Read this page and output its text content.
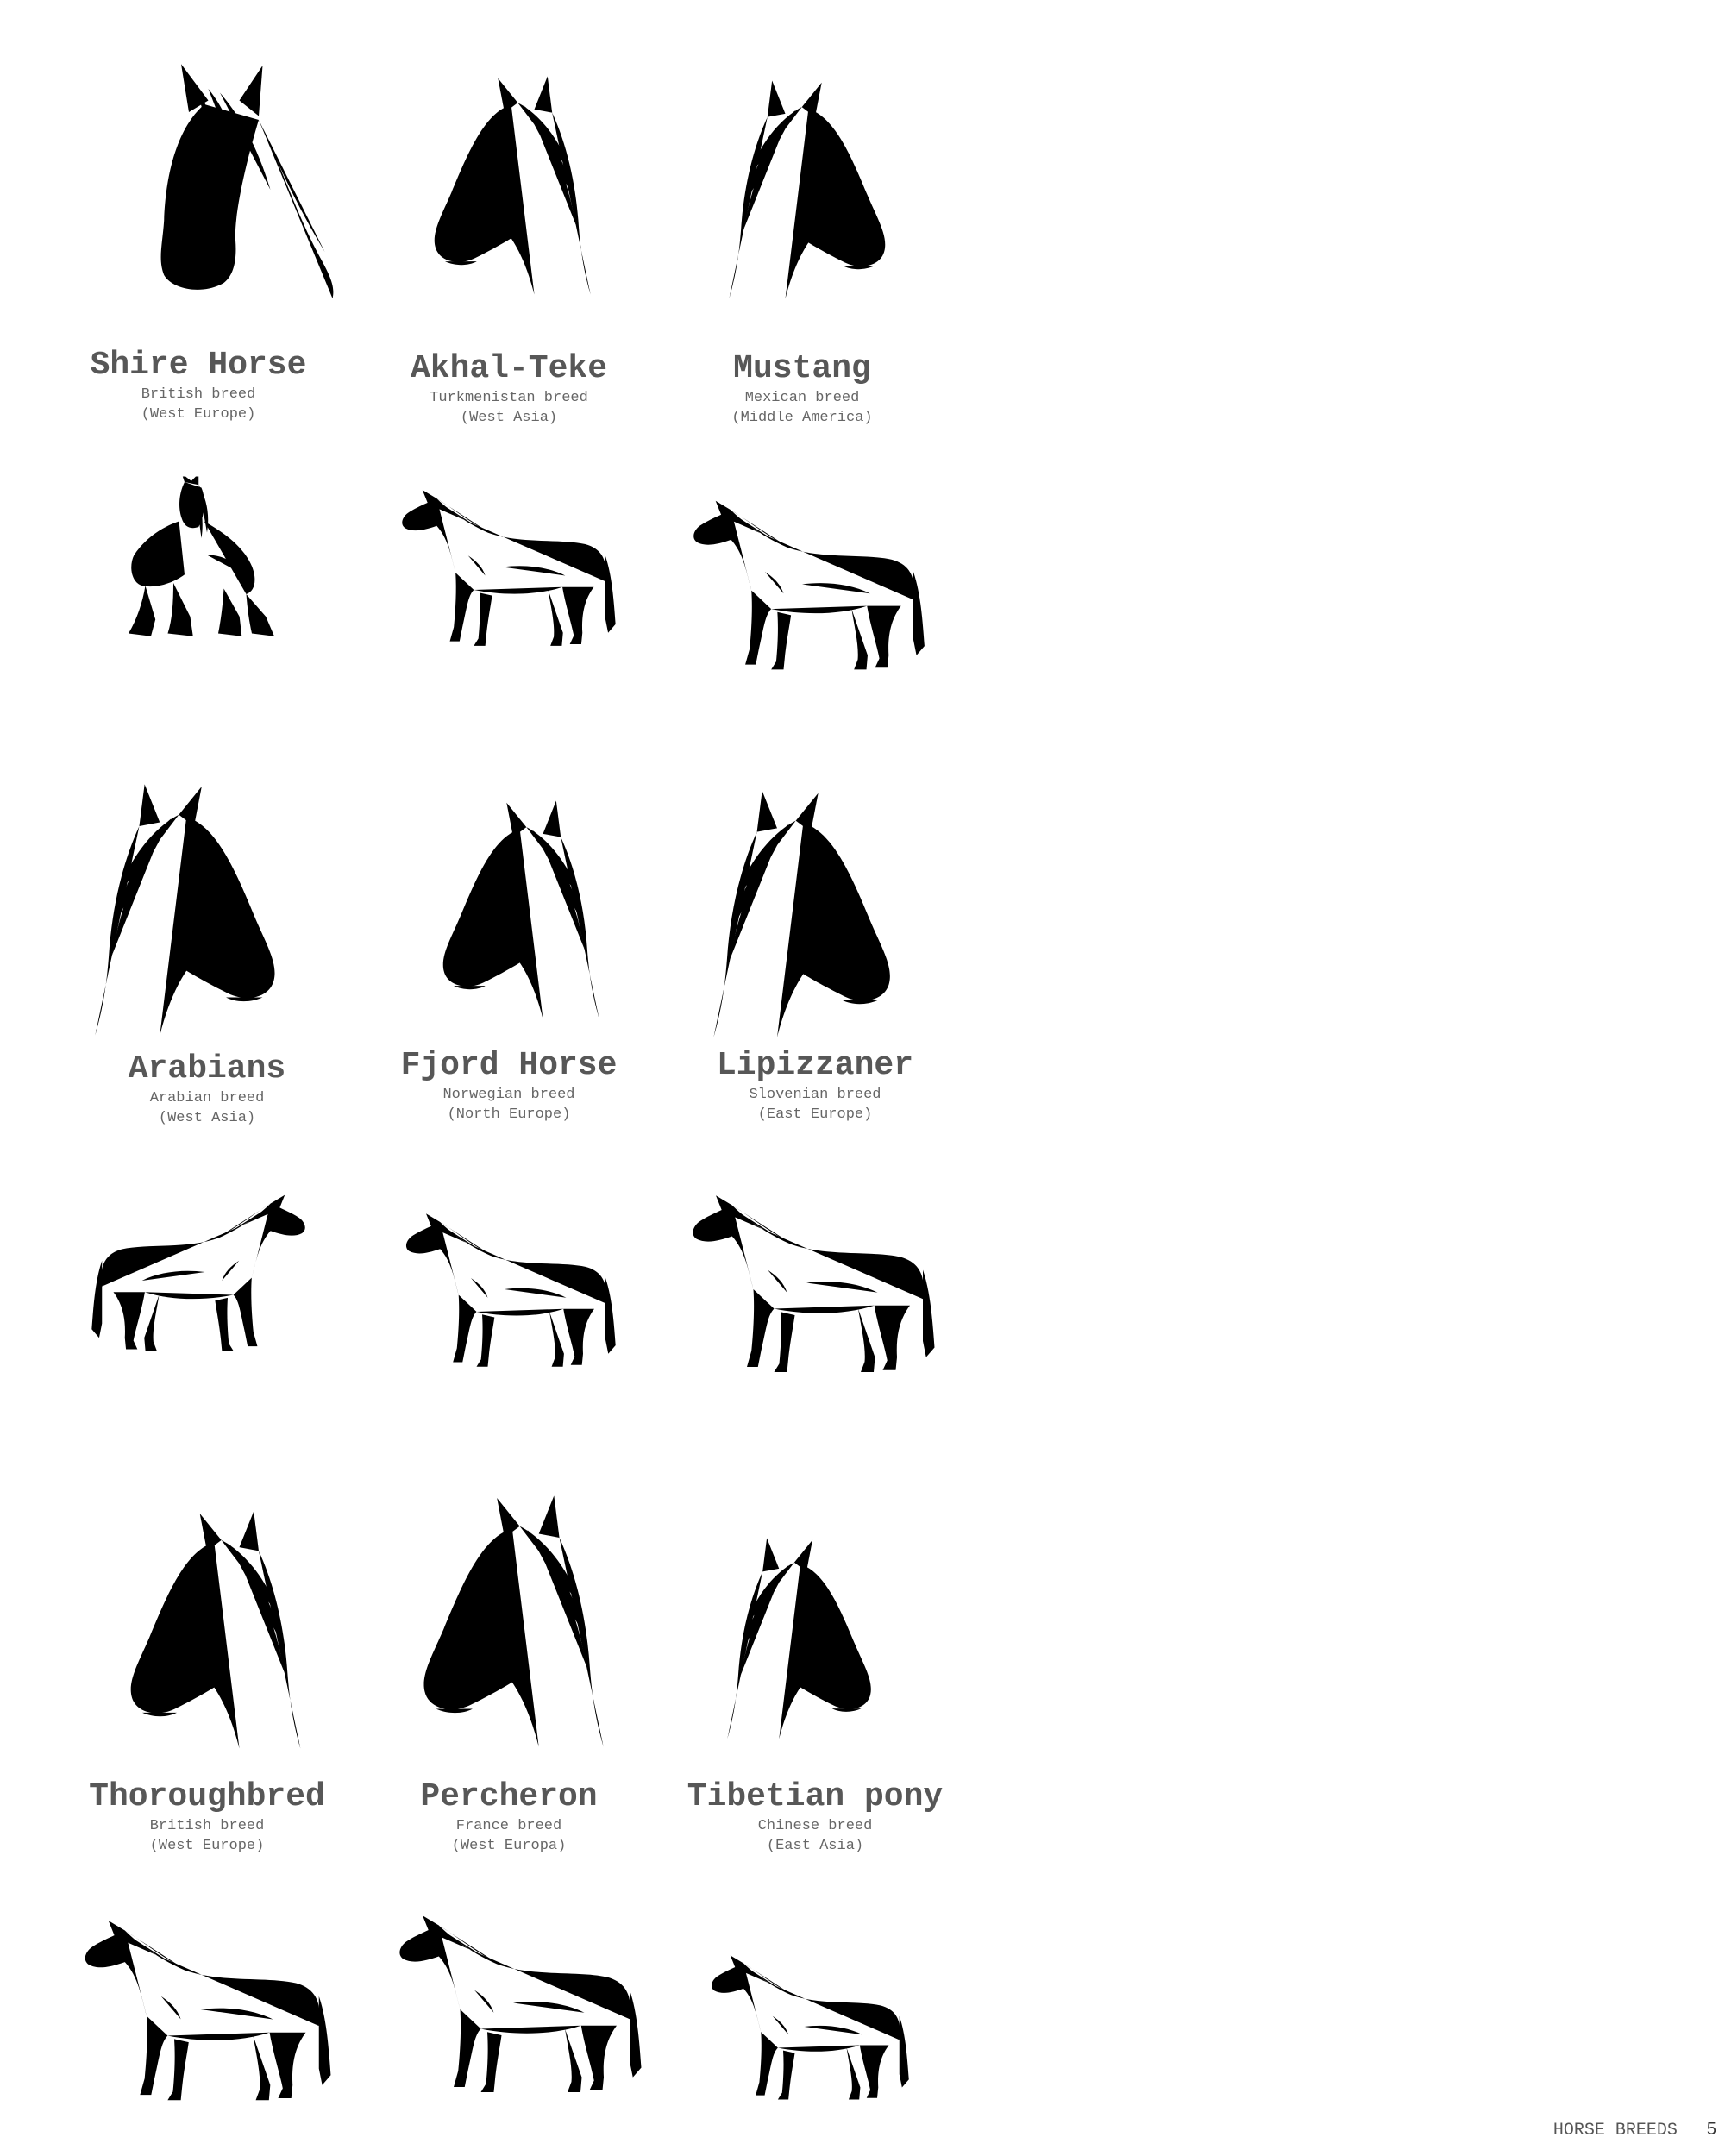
Shire Horse
British breed
(West Europe)
Akhal-Teke
Turkmenistan breed
(West Asia)
Mustang
Mexican breed
(Middle America)
Arabians
Arabian breed
(West Asia)
Fjord Horse
Norwegian breed
(North Europe)
Lipizzaner
Slovenian breed
(East Europe)
Thoroughbred
British breed
(West Europe)
Percheron
France breed
(West Europa)
Tibetian pony
Chinese breed
(East Asia)
HORSE BREEDS 5
